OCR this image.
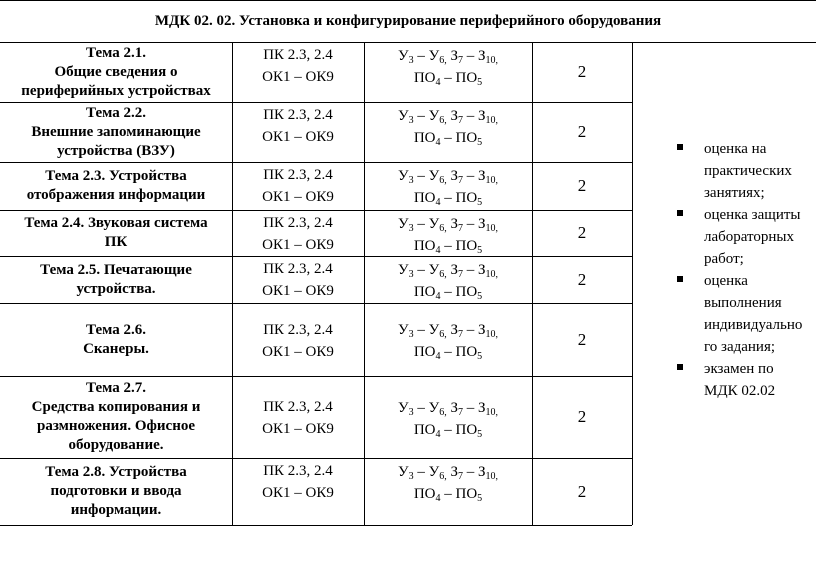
МДК 02. 02. Установка и конфигурирование периферийного оборудования
Тема 2.1.
Общие сведения о
периферийных устройствах
ПК 2.3, 2.4
ОК1 – ОК9
$У_3 - У_{6,}$ $З_7 - З_{10,}$
$ПО_4 - ПО_5$
2
Тема 2.2.
Внешние запоминающие
устройства (ВЗУ)
ПК 2.3, 2.4
ОК1 – ОК9
$У_3 - У_{6,}$ $З_7 - З_{10,}$
$ПО_4 - ПО_5$
2
Тема 2.3. Устройства
отображения информации
ПК 2.3, 2.4
ОК1 – ОК9
$У_3 - У_{6,}$ $З_7 - З_{10,}$
$ПО_4 - ПО_5$
2
Тема 2.4. Звуковая система
ПК
ПК 2.3, 2.4
ОК1 – ОК9
$У_3 - У_{6,}$ $З_7 - З_{10,}$
$ПО_4 - ПО_5$
2
Тема 2.5. Печатающие
устройства.
ПК 2.3, 2.4
ОК1 – ОК9
$У_3 - У_{6,}$ $З_7 - З_{10,}$
$ПО_4 - ПО_5$
2
Тема 2.6.
Сканеры.
ПК 2.3, 2.4
ОК1 – ОК9
$У_3 - У_{6,}$ $З_7 - З_{10,}$
$ПО_4 - ПО_5$
2
Тема 2.7.
Средства копирования и
размножения. Офисное
оборудование.
ПК 2.3, 2.4
ОК1 – ОК9
$У_3 - У_{6,}$ $З_7 - З_{10,}$
$ПО_4 - ПО_5$
2
Тема 2.8. Устройства
подготовки и ввода
информации.
ПК 2.3, 2.4
ОК1 – ОК9
$У_3 - У_{6,}$ $З_7 - З_{10,}$
$ПО_4 - ПО_5$	2
оценка на
практических
занятиях;
оценка защиты
лабораторных
работ;
оценка
выполнения
индивидуально
го задания;
экзамен по
МДК 02.02
